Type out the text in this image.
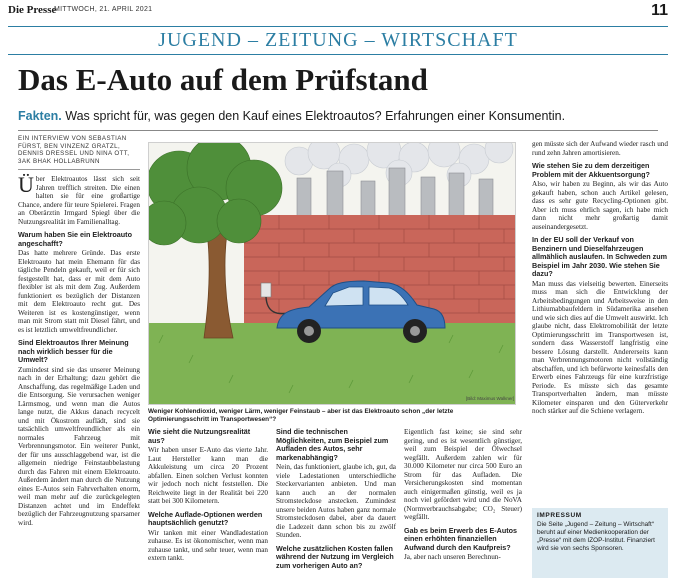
Die Presse
MITTWOCH, 21. APRIL 2021	11
JUGEND – ZEITUNG – WIRTSCHAFT
Das E-Auto auf dem Prüfstand
Fakten. Was spricht für, was gegen den Kauf eines Elektroautos? Erfahrungen einer Konsumentin.
EIN INTERVIEW VON SEBASTIAN FÜRST, BEN VINZENZ GRATZL, DENNIS DRESSEL UND NINA OTT, 3AK BHAK HOLLABRUNN

Über Elektroautos lässt sich seit Jahren trefflich streiten. Die einen halten sie für eine großartige Chance, andere für teure Spielerei. Fragen an Oberärztin Irmgard Spiegl über die Nutzungsrealität im Familienalltag.

Warum haben Sie ein Elektroauto angeschafft?

Das hatte mehrere Gründe. Das erste Elektroauto hat mein Ehemann für das tägliche Pendeln gekauft, weil er für sich festgestellt hat, dass er mit dem Auto flexibler ist als mit dem Zug. Außerdem funktioniert es bezüglich der Distanzen mit dem Elektroauto recht gut. Des Weiteren ist es kostengünstiger, wenn man mit Strom statt mit Diesel fährt, und es ist letztlich umweltfreundlicher.

Sind Elektroautos Ihrer Meinung nach wirklich besser für die Umwelt?

Zumindest sind sie das unserer Meinung nach in der Erhaltung; dazu gehört die Anschaffung, das regelmäßige Laden und die Entsorgung. Sie verursachen weniger Lärmsmog, und wenn man die Autos lange nutzt, die Akkus danach recycelt und mit Ökostrom auflädt, sind sie tatsächlich umweltfreundlicher als ein normales Fahrzeug mit Verbrennungsmotor. Ein weiterer Punkt, der für uns ausschlaggebend war, ist die allgemein niedrige Feinstaubbelastung durch das Fahren mit einem Elektroauto. Außerdem ändert man durch die Nutzung eines E-Autos sein Fahrverhalten enorm, weil man mehr auf die zurückgelegten Distanzen achtet und im Endeffekt bezüglich der Fahrzeugnutzung sparsamer wird.

[Bild: Maximus Walkner]
Weniger Kohlendioxid, weniger Lärm, weniger Feinstaub – aber ist das Elektroauto schon „der letzte Optimierungsschritt im Transportwesen“?
Wie sieht die Nutzungsrealität aus?

Wir haben unser E-Auto das vierte Jahr. Laut Hersteller kann man die Akkuleistung um circa 20 Prozent abfallen. Einen solchen Verlust konnten wir jedoch noch nicht feststellen. Die Reichweite liegt in der Realität bei 220 statt bei 300 Kilometern.

Welche Auflade-Optionen werden hauptsächlich genutzt?

Wir tanken mit einer Wandladestation zuhause. Es ist ökonomischer, wenn man zuhause tankt, und sehr teuer, wenn man extern tankt.

Sind die technischen Möglichkeiten, zum Beispiel zum Aufladen des Autos, sehr markenabhängig?

Nein, das funktioniert, glaube ich, gut, da viele Ladestationen unterschiedliche Steckervarianten anbieten. Und man kann auch an der normalen Stromsteckdose anstecken. Zumindest unsere beiden Autos haben ganz normale Stromsteckdosen dabei, aber da dauert die Ladezeit dann schon bis zu zwölf Stunden.

Welche zusätzlichen Kosten fallen während der Nutzung im Vergleich zum vorherigen Auto an?

Eigentlich fast keine; sie sind sehr gering, und es ist wesentlich günstiger, weil zum Beispiel der Ölwechsel wegfällt. Außerdem zahlen wir für 30.000 Kilometer nur circa 500 Euro an Strom für das Aufladen. Die Versicherungskosten sind momentan auch einigermaßen günstig, weil es ja noch viel gefördert wird und die NoVA (Normverbrauchsabgabe; CO₂ Steuer) wegfällt.

Gab es beim Erwerb des E-Autos einen erhöhten finanziellen Aufwand durch den Kaufpreis?

Ja, aber nach unseren Berechnun-

gen müsste sich der Aufwand wieder rasch und rund zehn Jahren amortisieren.

Wie stehen Sie zu dem derzeitigen Problem mit der Akkuentsorgung?

Also, wir haben zu Beginn, als wir das Auto gekauft haben, schon auch Artikel gelesen, dass es sehr gute Recycling-Optionen gibt. Aber ich muss ehrlich sagen, ich habe mich dann nicht mehr großartig damit auseinandergesetzt.

In der EU soll der Verkauf von Benzinern und Dieselfahrzeugen allmählich auslaufen. In Schweden zum Beispiel im Jahr 2030. Wie stehen Sie dazu?

Man muss das vielseitig bewerten. Einerseits muss man sich die Entwicklung der Arbeitsbedingungen und Arbeitsweise in den Lithiumabbaufeldern in Südamerika ansehen und wie sich dies auf die Umwelt auswirkt. Ich glaube nicht, dass Elektromobilität der letzte Optimierungsschritt im Transportwesen ist, sondern dass Wasserstoff langfristig eine bessere Lösung darstellt. Andererseits kann man Verbrennungsmotoren nicht vollständig abschaffen, und ich befürworte keinesfalls den Erwerb eines Fahrzeugs für eine kurzfristige Periode. Es müsste sich das gesamte Transportverhalten ändern, man müsste Kilometer einsparen und den Güterverkehr noch stärker auf die Schiene verlagern.

IMPRESSUM
Die Seite „Jugend – Zeitung – Wirtschaft“ beruht auf einer Medienkooperation der „Presse“ mit dem IZOP-Institut. Finanziert wird sie von sechs Sponsoren.
